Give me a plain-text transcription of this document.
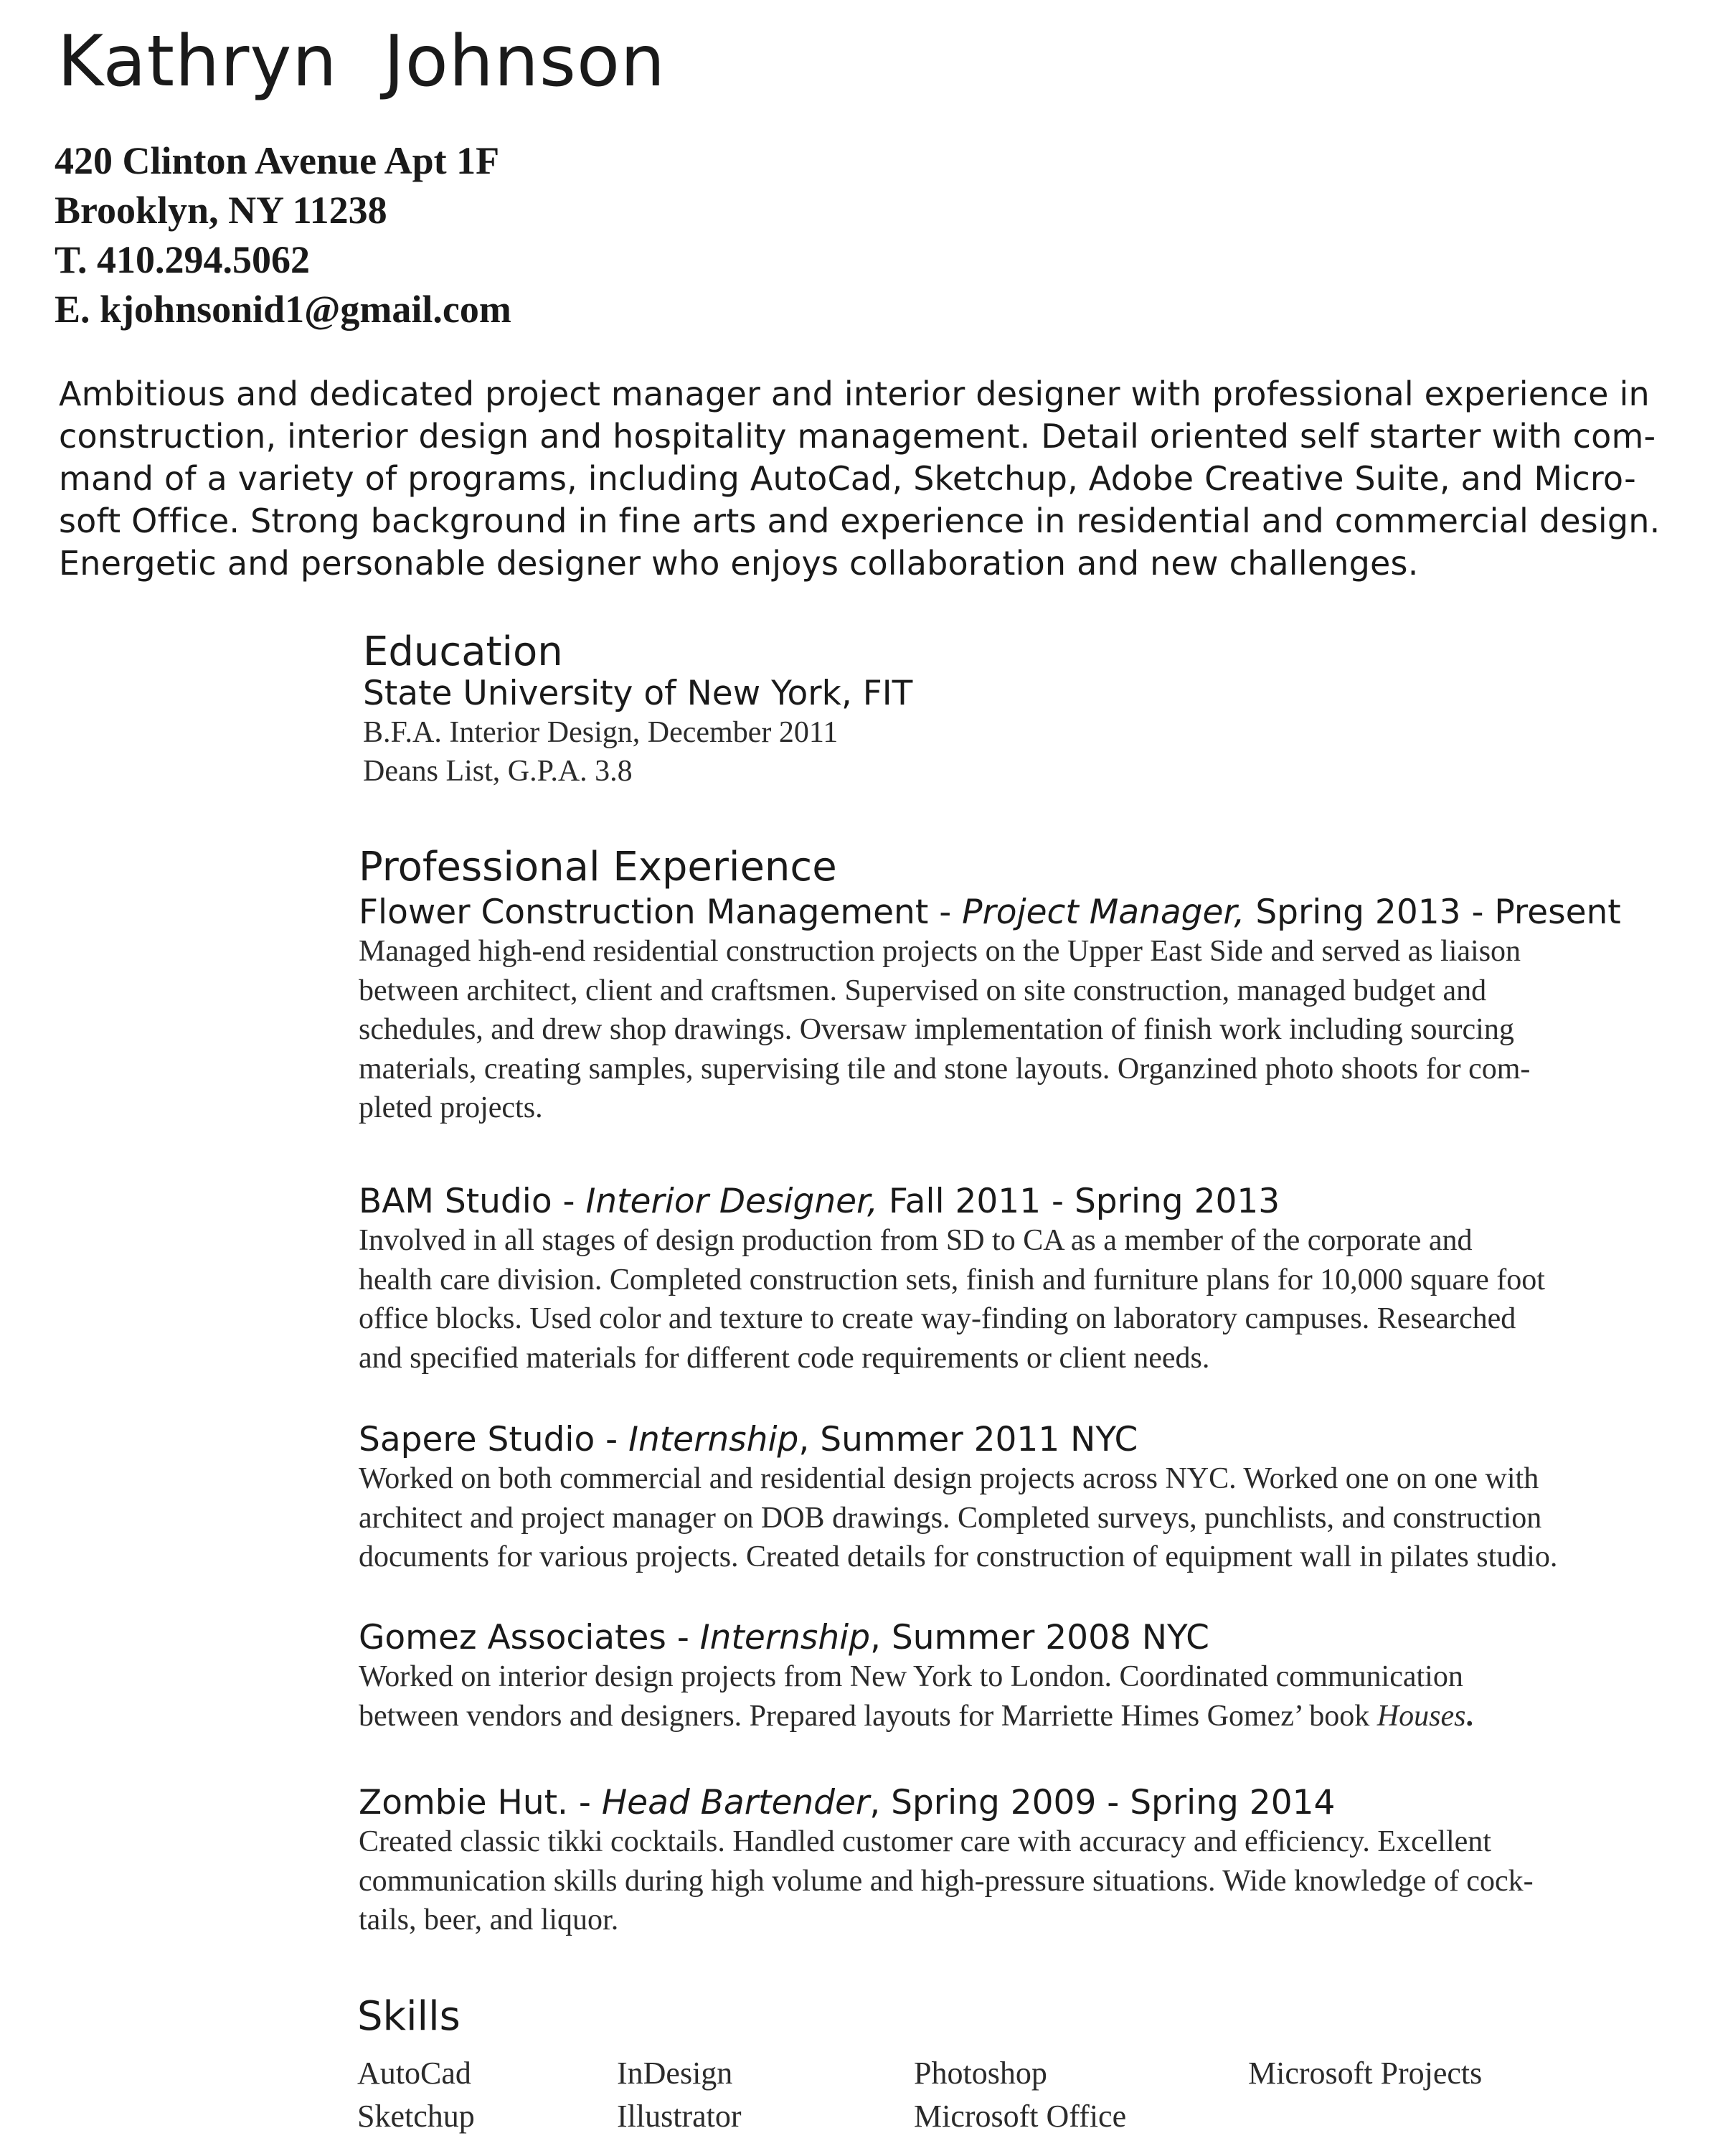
Kathryn  Johnson
420 Clinton Avenue Apt 1F
Brooklyn, NY 11238
T. 410.294.5062
E. kjohnsonid1@gmail.com
Ambitious and dedicated project manager and interior designer with professional experience in
construction, interior design and hospitality management. Detail oriented self starter with com-
mand of a variety of programs, including AutoCad, Sketchup, Adobe Creative Suite, and Micro-
soft Office. Strong background in fine arts and experience in residential and commercial design.
Energetic and personable designer who enjoys collaboration and new challenges.
Education
State University of New York, FIT
B.F.A. Interior Design, December 2011
Deans List, G.P.A. 3.8
Professional Experience
Flower Construction Management - Project Manager, Spring 2013 - Present
Managed high-end residential construction projects on the Upper East Side and served as liaison
between architect, client and craftsmen. Supervised on site construction, managed budget and
schedules, and drew shop drawings. Oversaw implementation of finish work including sourcing
materials, creating samples, supervising tile and stone layouts. Organzined photo shoots for com-
pleted projects.
BAM Studio - Interior Designer, Fall 2011 - Spring 2013
Involved in all stages of design production from SD to CA as a member of the corporate and
health care division. Completed construction sets, finish and furniture plans for 10,000 square foot
office blocks. Used color and texture to create way-finding on laboratory campuses. Researched
and specified materials for different code requirements or client needs.
Sapere Studio - Internship, Summer 2011 NYC
Worked on both commercial and residential design projects across NYC. Worked one on one with
architect and project manager on DOB drawings. Completed surveys, punchlists, and construction
documents for various projects. Created details for construction of equipment wall in pilates studio.
Gomez Associates - Internship, Summer 2008 NYC
Worked on interior design projects from New York to London. Coordinated communication
between vendors and designers. Prepared layouts for Marriette Himes Gomez’ book Houses.
Zombie Hut. - Head Bartender, Spring 2009 - Spring 2014
Created classic tikki cocktails. Handled customer care with accuracy and efficiency. Excellent
communication skills during high volume and high-pressure situations. Wide knowledge of cock-
tails, beer, and liquor.
Skills
AutoCad
Sketchup
InDesign
Illustrator
Photoshop
Microsoft Office
Microsoft Projects
